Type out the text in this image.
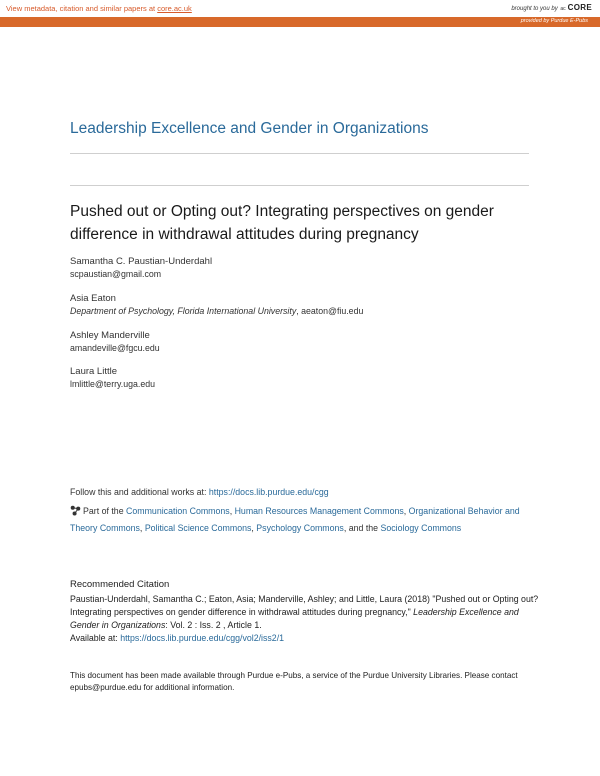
View metadata, citation and similar papers at core.ac.uk	brought to you by ac CORE
provided by Purdue E-Pubs
Leadership Excellence and Gender in Organizations
Pushed out or Opting out? Integrating perspectives on gender difference in withdrawal attitudes during pregnancy
Samantha C. Paustian-Underdahl
scpaustian@gmail.com
Asia Eaton
Department of Psychology, Florida International University, aeaton@fiu.edu
Ashley Manderville
amandeville@fgcu.edu
Laura Little
lmlittle@terry.uga.edu
Follow this and additional works at: https://docs.lib.purdue.edu/cgg
Part of the Communication Commons, Human Resources Management Commons, Organizational Behavior and Theory Commons, Political Science Commons, Psychology Commons, and the Sociology Commons
Recommended Citation
Paustian-Underdahl, Samantha C.; Eaton, Asia; Manderville, Ashley; and Little, Laura (2018) "Pushed out or Opting out? Integrating perspectives on gender difference in withdrawal attitudes during pregnancy," Leadership Excellence and Gender in Organizations: Vol. 2 : Iss. 2 , Article 1.
Available at: https://docs.lib.purdue.edu/cgg/vol2/iss2/1
This document has been made available through Purdue e-Pubs, a service of the Purdue University Libraries. Please contact epubs@purdue.edu for additional information.
